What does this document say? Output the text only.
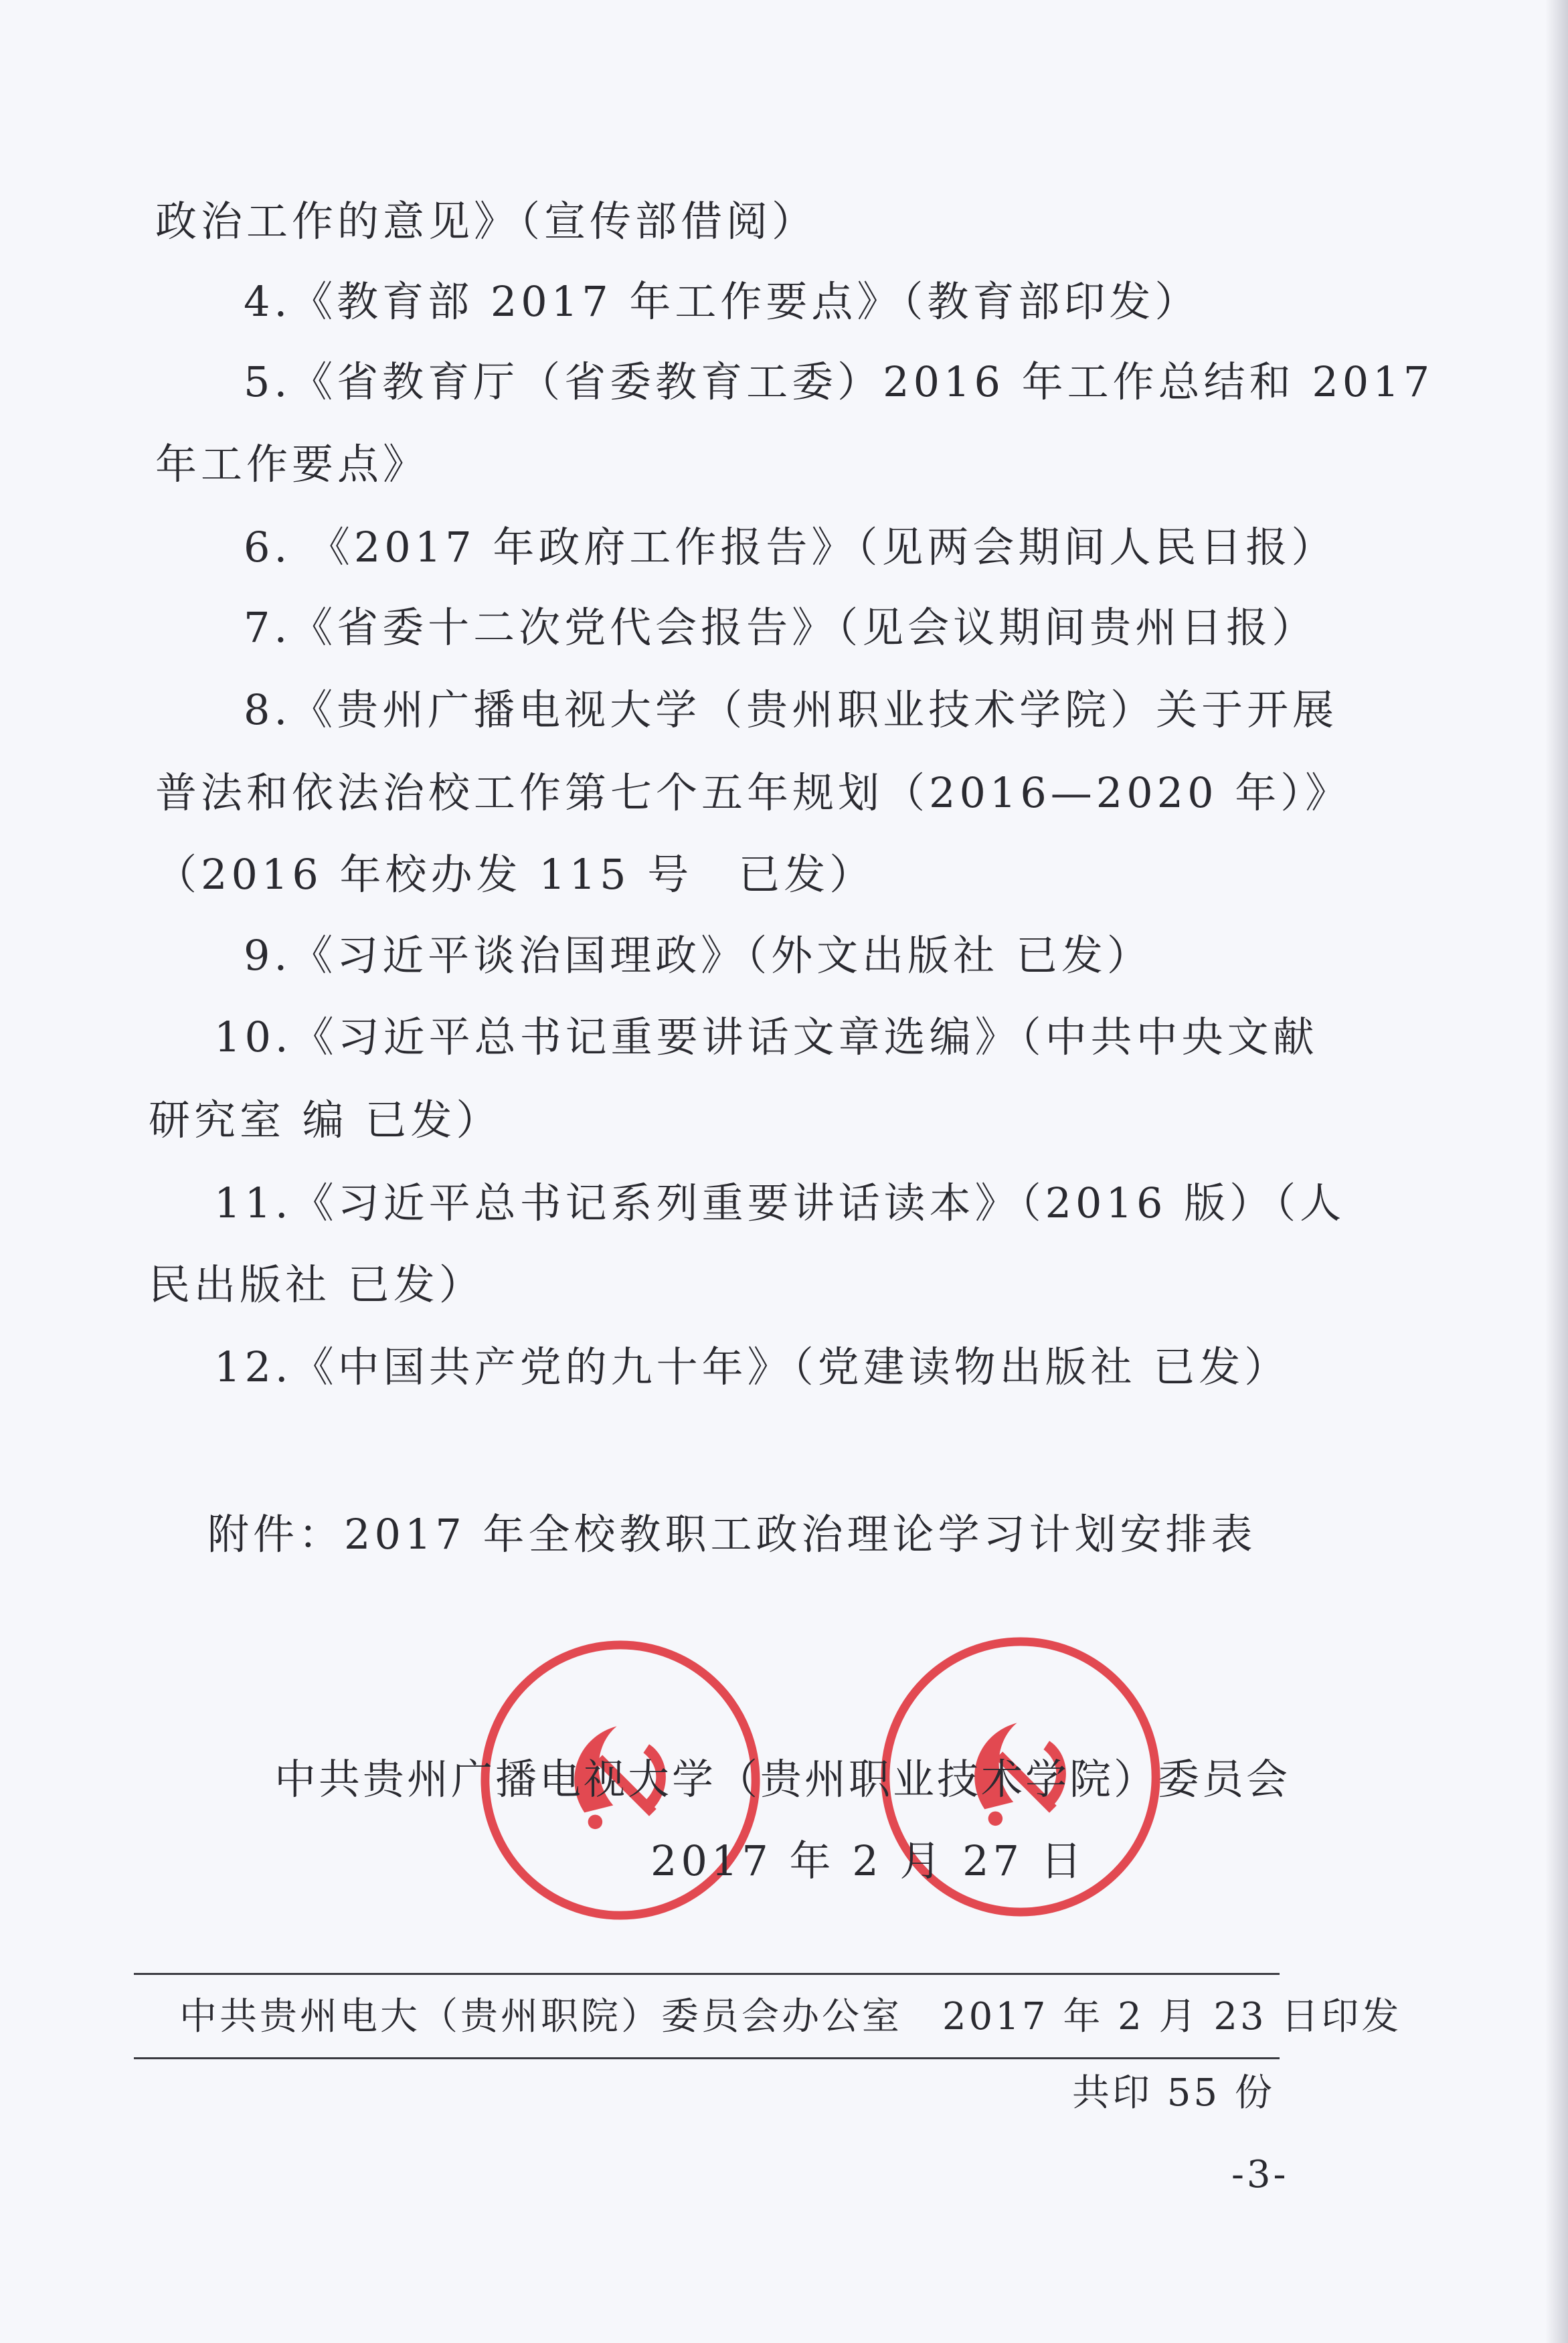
政治工作的意见》（宣传部借阅）
4.《教育部 2017 年工作要点》（教育部印发）
5.《省教育厅（省委教育工委）2016 年工作总结和 2017
年工作要点》
6. 《2017 年政府工作报告》（见两会期间人民日报）
7.《省委十二次党代会报告》（见会议期间贵州日报）
8.《贵州广播电视大学（贵州职业技术学院）关于开展
普法和依法治校工作第七个五年规划（2016—2020 年）》
（2016 年校办发 115 号　已发）
9.《习近平谈治国理政》（外文出版社 已发）
10.《习近平总书记重要讲话文章选编》（中共中央文献
研究室 编 已发）
11.《习近平总书记系列重要讲话读本》（2016 版）（人
民出版社 已发）
12.《中国共产党的九十年》（党建读物出版社 已发）
附件：2017 年全校教职工政治理论学习计划安排表
中共贵州广播电视大学（贵州职业技术学院）委员会
2017 年 2 月 27 日
中共贵州电大（贵州职院）委员会办公室　2017 年 2 月 23 日印发
共印 55 份
-3-
